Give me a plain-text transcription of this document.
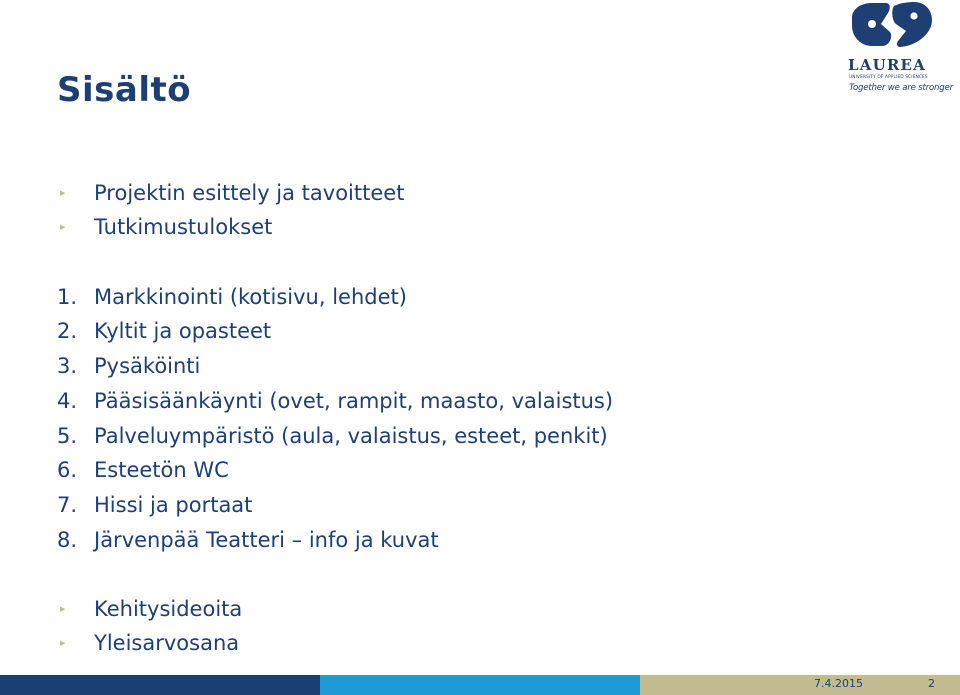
Sisältö
LAUREA
UNIVERSITY OF APPLIED SCIENCES
Together we are stronger
▸ Projektin esittely ja tavoitteet
▸ Tutkimustulokset
1. Markkinointi (kotisivu, lehdet)
2. Kyltit ja opasteet
3. Pysäköinti
4. Pääsisäänkäynti (ovet, rampit, maasto, valaistus)
5. Palveluympäristö (aula, valaistus, esteet, penkit)
6. Esteetön WC
7. Hissi ja portaat
8. Järvenpää Teatteri – info ja kuvat
▸ Kehitysideoita
▸ Yleisarvosana
7.4.2015	2
